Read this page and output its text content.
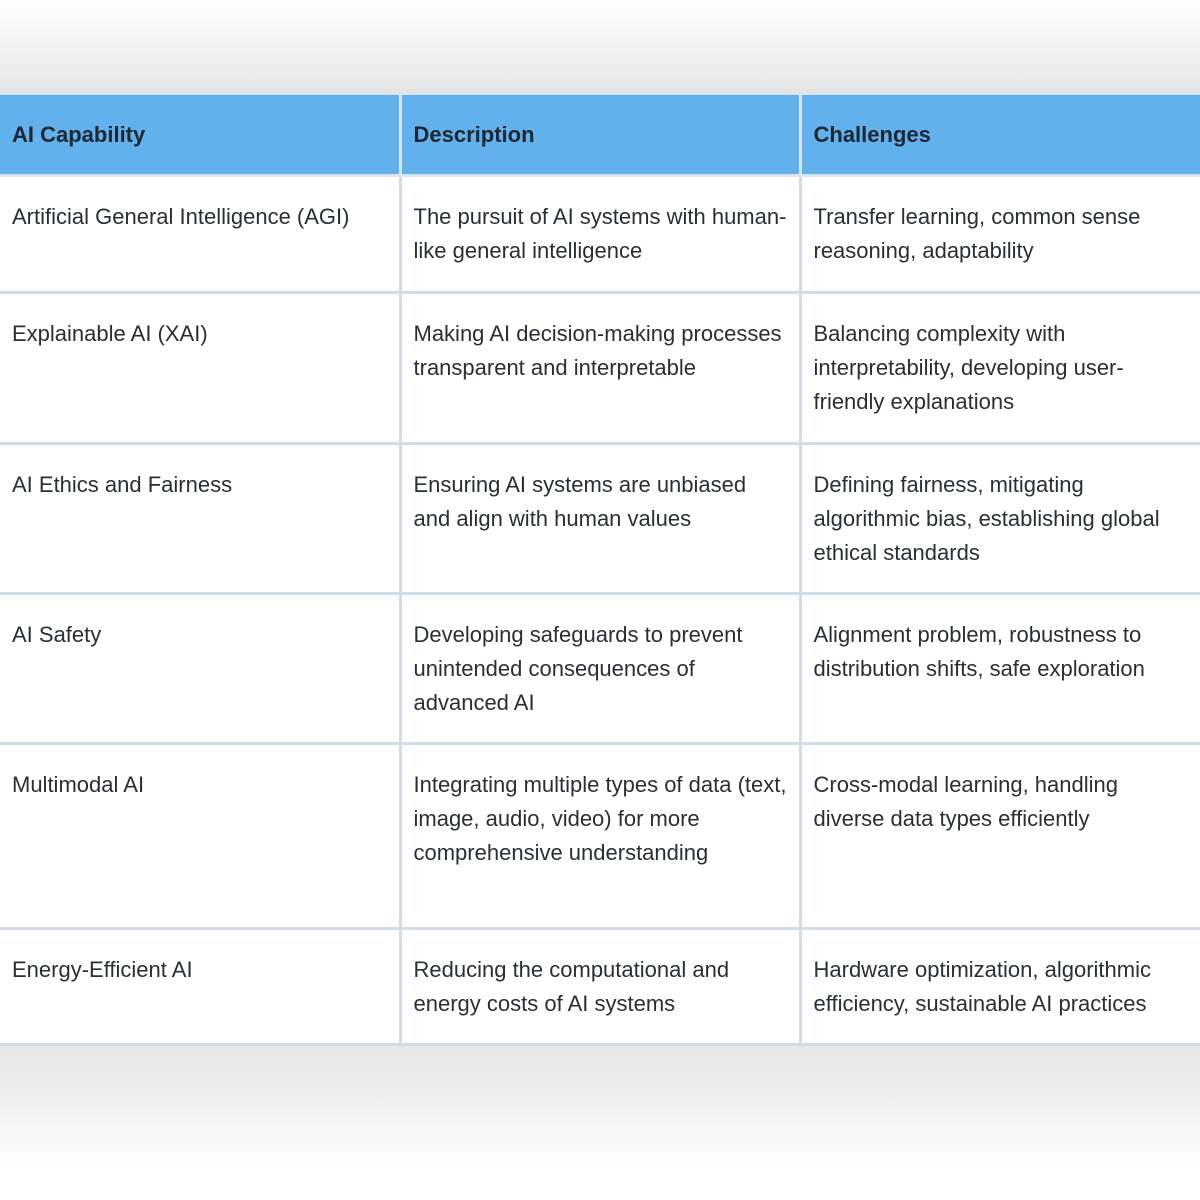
AI Capability	Description	Challenges
Artificial General Intelligence (AGI)	The pursuit of AI systems with human-like general intelligence	Transfer learning, common sense reasoning, adaptability
Explainable AI (XAI)	Making AI decision-making processes transparent and interpretable	Balancing complexity with interpretability, developing user-friendly explanations
AI Ethics and Fairness	Ensuring AI systems are unbiased and align with human values	Defining fairness, mitigating algorithmic bias, establishing global ethical standards
AI Safety	Developing safeguards to prevent unintended consequences of advanced AI	Alignment problem, robustness to distribution shifts, safe exploration
Multimodal AI	Integrating multiple types of data (text, image, audio, video) for more comprehensive understanding	Cross-modal learning, handling diverse data types efficiently
Energy-Efficient AI	Reducing the computational and energy costs of AI systems	Hardware optimization, algorithmic efficiency, sustainable AI practices
